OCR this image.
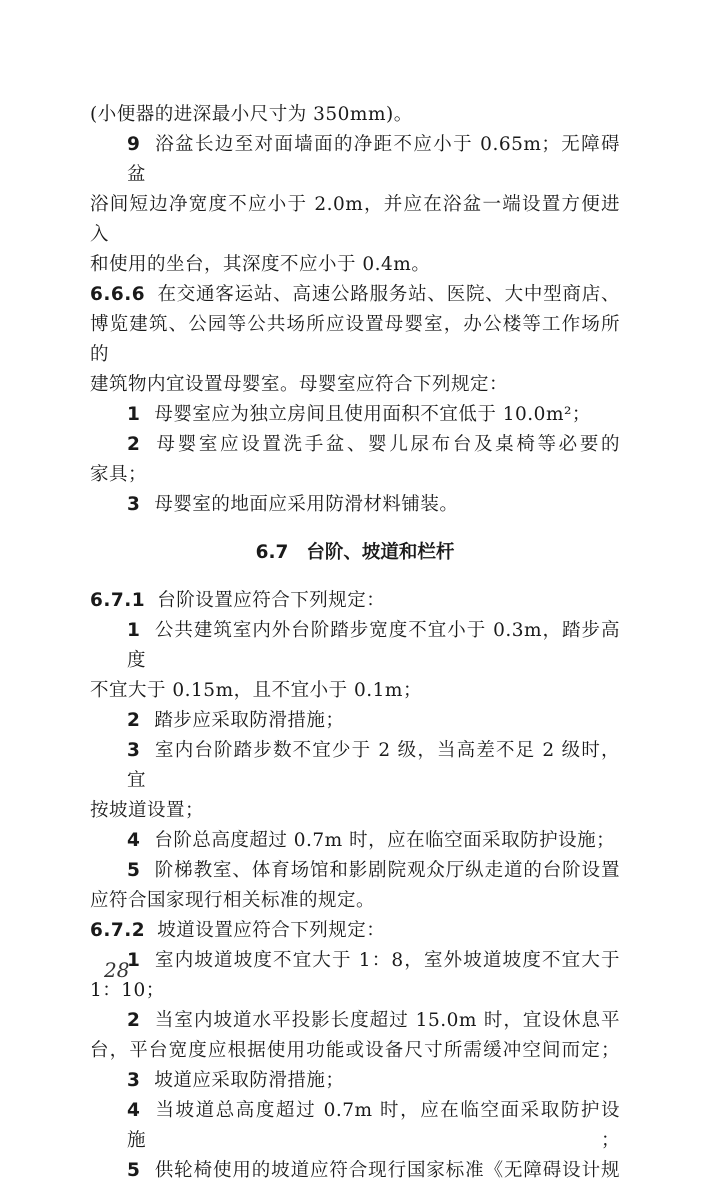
(小便器的进深最小尺寸为 350mm)。

9 浴盆长边至对面墙面的净距不应小于 0.65m；无障碍盆

浴间短边净宽度不应小于 2.0m，并应在浴盆一端设置方便进入

和使用的坐台，其深度不应小于 0.4m。

6.6.6 在交通客运站、高速公路服务站、医院、大中型商店、

博览建筑、公园等公共场所应设置母婴室，办公楼等工作场所的

建筑物内宜设置母婴室。母婴室应符合下列规定：

1 母婴室应为独立房间且使用面积不宜低于 10.0m²；

2 母婴室应设置洗手盆、婴儿尿布台及桌椅等必要的

家具；

3 母婴室的地面应采用防滑材料铺装。

6.7 台阶、坡道和栏杆

6.7.1 台阶设置应符合下列规定：

1 公共建筑室内外台阶踏步宽度不宜小于 0.3m，踏步高度

不宜大于 0.15m，且不宜小于 0.1m；

2 踏步应采取防滑措施；

3 室内台阶踏步数不宜少于 2 级，当高差不足 2 级时，宜

按坡道设置；

4 台阶总高度超过 0.7m 时，应在临空面采取防护设施；

5 阶梯教室、体育场馆和影剧院观众厅纵走道的台阶设置

应符合国家现行相关标准的规定。

6.7.2 坡道设置应符合下列规定：

1 室内坡道坡度不宜大于 1：8，室外坡道坡度不宜大于

1：10；

2 当室内坡道水平投影长度超过 15.0m 时，宜设休息平

台，平台宽度应根据使用功能或设备尺寸所需缓冲空间而定；

3 坡道应采取防滑措施；

4 当坡道总高度超过 0.7m 时，应在临空面采取防护设施；

5 供轮椅使用的坡道应符合现行国家标准《无障碍设计规

28
